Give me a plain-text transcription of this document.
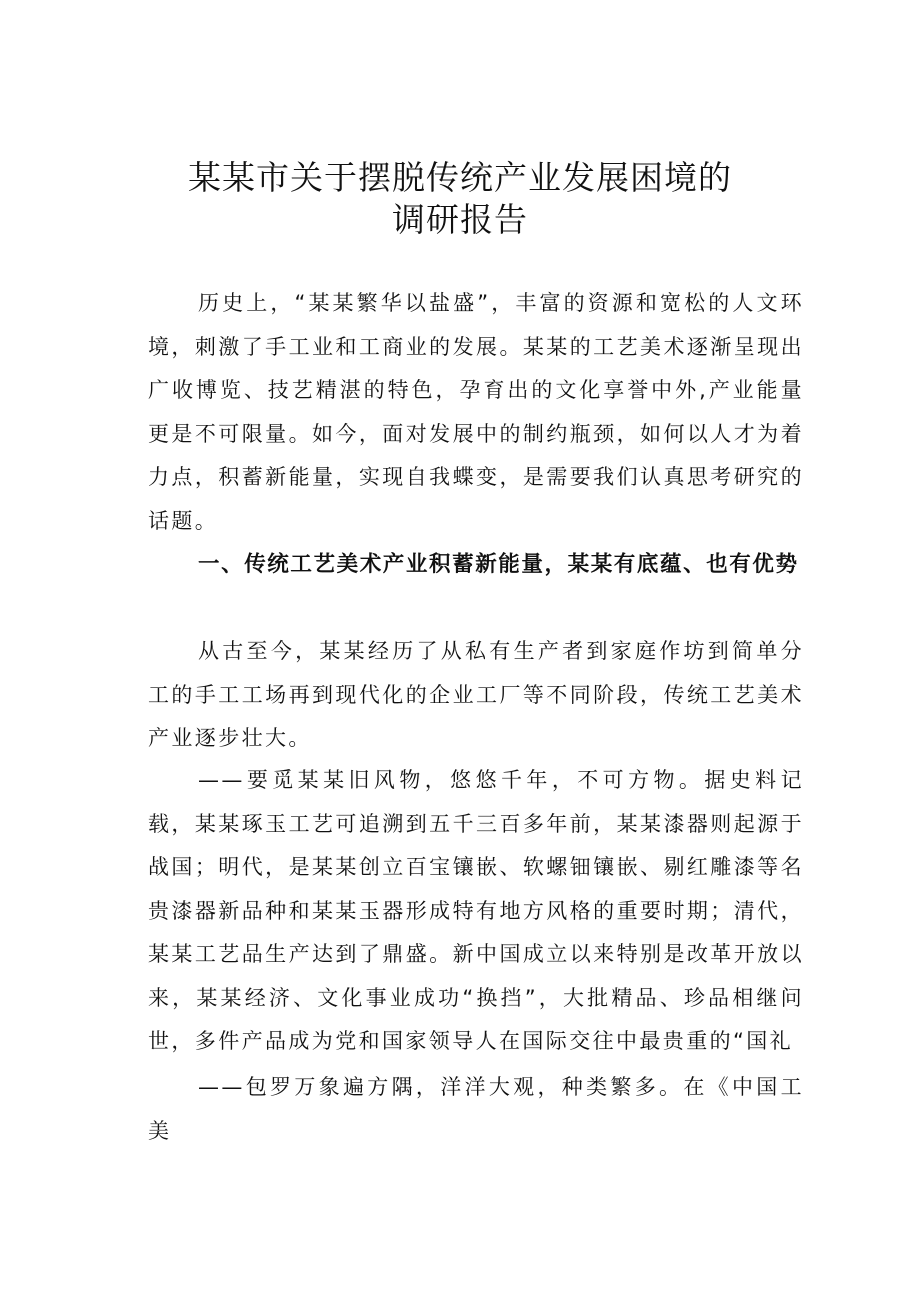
某某市关于摆脱传统产业发展困境的
调研报告

历史上，“某某繁华以盐盛”，丰富的资源和宽松的人文环境，刺激了手工业和工商业的发展。某某的工艺美术逐渐呈现出广收博览、技艺精湛的特色，孕育出的文化享誉中外,产业能量更是不可限量。如今，面对发展中的制约瓶颈，如何以人才为着力点，积蓄新能量，实现自我蝶变，是需要我们认真思考研究的话题。

一、传统工艺美术产业积蓄新能量，某某有底蕴、也有优势

从古至今，某某经历了从私有生产者到家庭作坊到简单分工的手工工场再到现代化的企业工厂等不同阶段，传统工艺美术产业逐步壮大。

——要觅某某旧风物，悠悠千年，不可方物。据史料记载，某某琢玉工艺可追溯到五千三百多年前，某某漆器则起源于战国；明代，是某某创立百宝镶嵌、软螺钿镶嵌、剔红雕漆等名贵漆器新品种和某某玉器形成特有地方风格的重要时期；清代，某某工艺品生产达到了鼎盛。新中国成立以来特别是改革开放以来，某某经济、文化事业成功“换挡”，大批精品、珍品相继问世，多件产品成为党和国家领导人在国际交往中最贵重的“国礼

——包罗万象遍方隅，洋洋大观，种类繁多。在《中国工美
